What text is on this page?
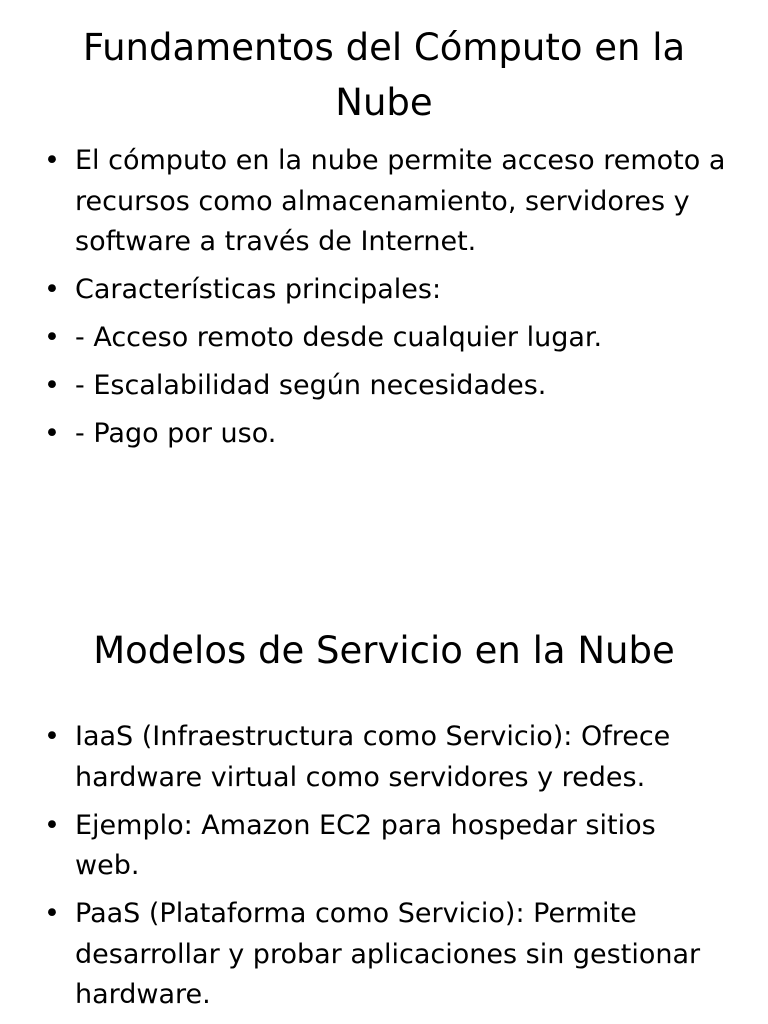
Fundamentos del Cómputo en la Nube
• El cómputo en la nube permite acceso remoto a recursos como almacenamiento, servidores y software a través de Internet.
• Características principales:
• - Acceso remoto desde cualquier lugar.
• - Escalabilidad según necesidades.
• - Pago por uso.
Modelos de Servicio en la Nube
• IaaS (Infraestructura como Servicio): Ofrece hardware virtual como servidores y redes.
• Ejemplo: Amazon EC2 para hospedar sitios web.
• PaaS (Plataforma como Servicio): Permite desarrollar y probar aplicaciones sin gestionar hardware.
